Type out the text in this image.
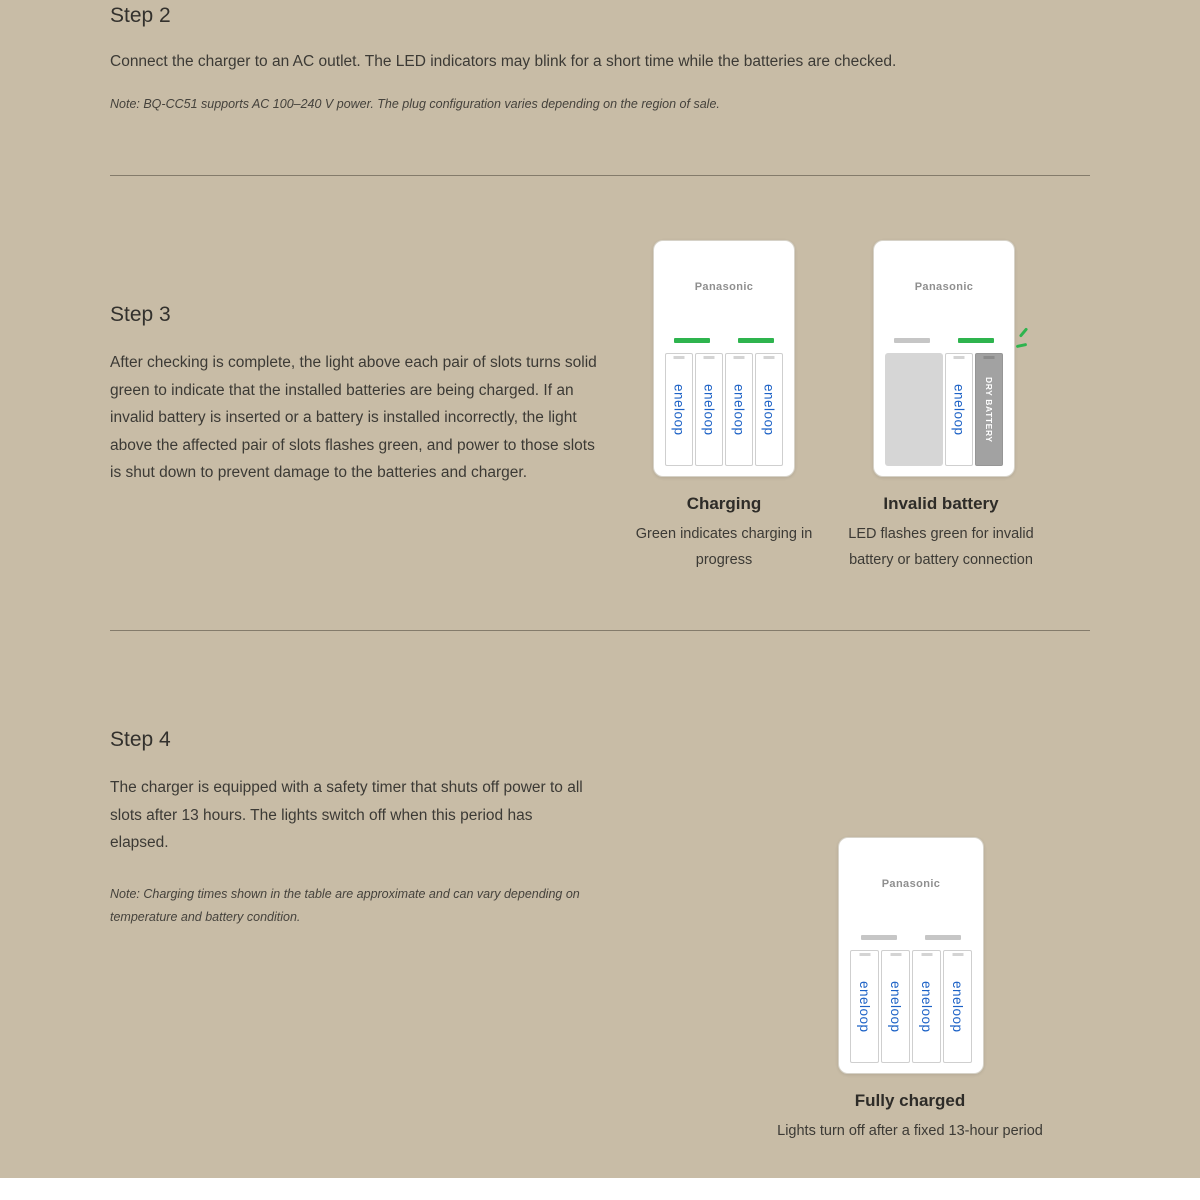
Step 2
Connect the charger to an AC outlet. The LED indicators may blink for a short time while the batteries are checked.
Note: BQ-CC51 supports AC 100–240 V power. The plug configuration varies depending on the region of sale.
Step 3
After checking is complete, the light above each pair of slots turns solid green to indicate that the installed batteries are being charged. If an invalid battery is inserted or a battery is installed incorrectly, the light above the affected pair of slots flashes green, and power to those slots is shut down to prevent damage to the batteries and charger.
Panasonic
eneloop eneloop eneloop eneloop
Panasonic
eneloop DRY BATTERY
Charging
Green indicates charging in progress
Invalid battery
LED flashes green for invalid battery or battery connection
Step 4
The charger is equipped with a safety timer that shuts off power to all slots after 13 hours. The lights switch off when this period has elapsed.
Note: Charging times shown in the table are approximate and can vary depending on temperature and battery condition.
Panasonic
eneloop eneloop eneloop eneloop
Fully charged
Lights turn off after a fixed 13-hour period
